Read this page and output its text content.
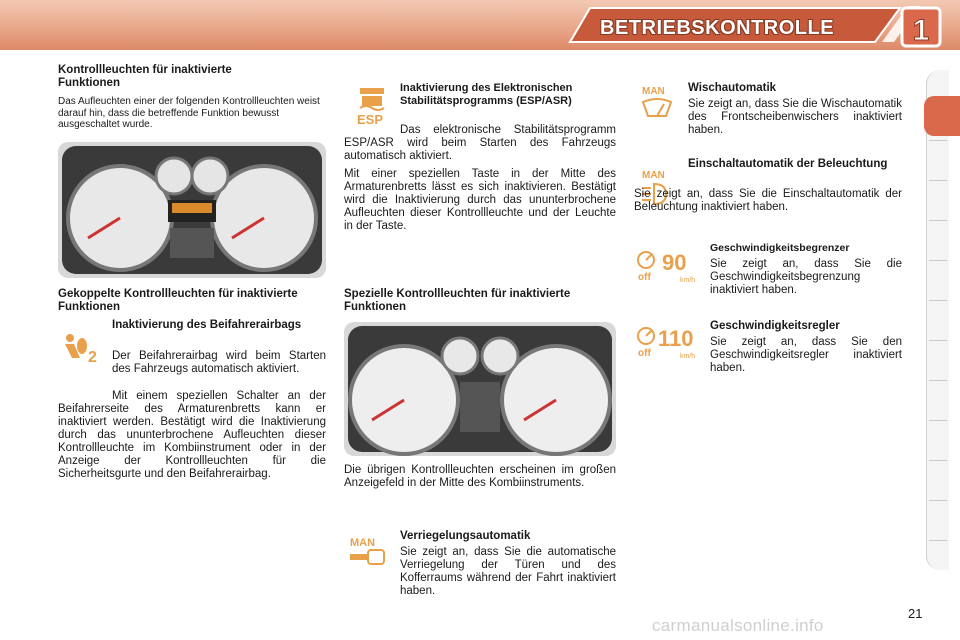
BETRIEBSKONTROLLE	1
Kontrollleuchten für inaktivierte Funktionen

Das Aufleuchten einer der folgenden Kontrollleuchten weist darauf hin, dass die betreffende Funktion bewusst ausgeschaltet wurde.

Gekoppelte Kontrollleuchten für inaktivierte Funktionen
2
Inaktivierung des Beifahrerairbags

Der Beifahrerairbag wird beim Starten des Fahrzeugs automatisch aktiviert.

Mit einem speziellen Schalter an der Beifahrerseite des Armaturenbretts kann er inaktiviert werden. Bestätigt wird die Inaktivierung durch das ununterbrochene Aufleuchten dieser Kontrollleuchte im Kombiinstrument oder in der Anzeige der Kontrollleuchten für die Sicherheitsgurte und den Beifahrerairbag.

ESP
Inaktivierung des Elektronischen Stabilitätsprogramms (ESP/ASR)

Das elektronische Stabilitätsprogramm ESP/ASR wird beim Starten des Fahrzeugs automatisch aktiviert.

Mit einer speziellen Taste in der Mitte des Armaturenbretts lässt es sich inaktivieren. Bestätigt wird die Inaktivierung durch das ununterbrochene Aufleuchten dieser Kontrollleuchte und der Leuchte in der Taste.

Spezielle Kontrollleuchten für inaktivierte Funktionen

Die übrigen Kontrollleuchten erscheinen im großen Anzeigefeld in der Mitte des Kombiinstruments.

MAN
Verriegelungsautomatik

Sie zeigt an, dass Sie die automatische Verriegelung der Türen und des Kofferraums während der Fahrt inaktiviert haben.

MAN Wischautomatik

Sie zeigt an, dass Sie die Wischautomatik des Frontscheibenwischers inaktiviert haben.

MAN
Einschaltautomatik der Beleuchtung

Sie zeigt an, dass Sie die Einschaltautomatik der Beleuchtung inaktiviert haben.

off
90
km/h
Geschwindigkeitsbegrenzer

Sie zeigt an, dass Sie die Geschwindigkeitsbegrenzung inaktiviert haben.

off
110
km/h
Geschwindigkeitsregler

Sie zeigt an, dass Sie den Geschwindigkeitsregler inaktiviert haben.

21
carmanualsonline.info
